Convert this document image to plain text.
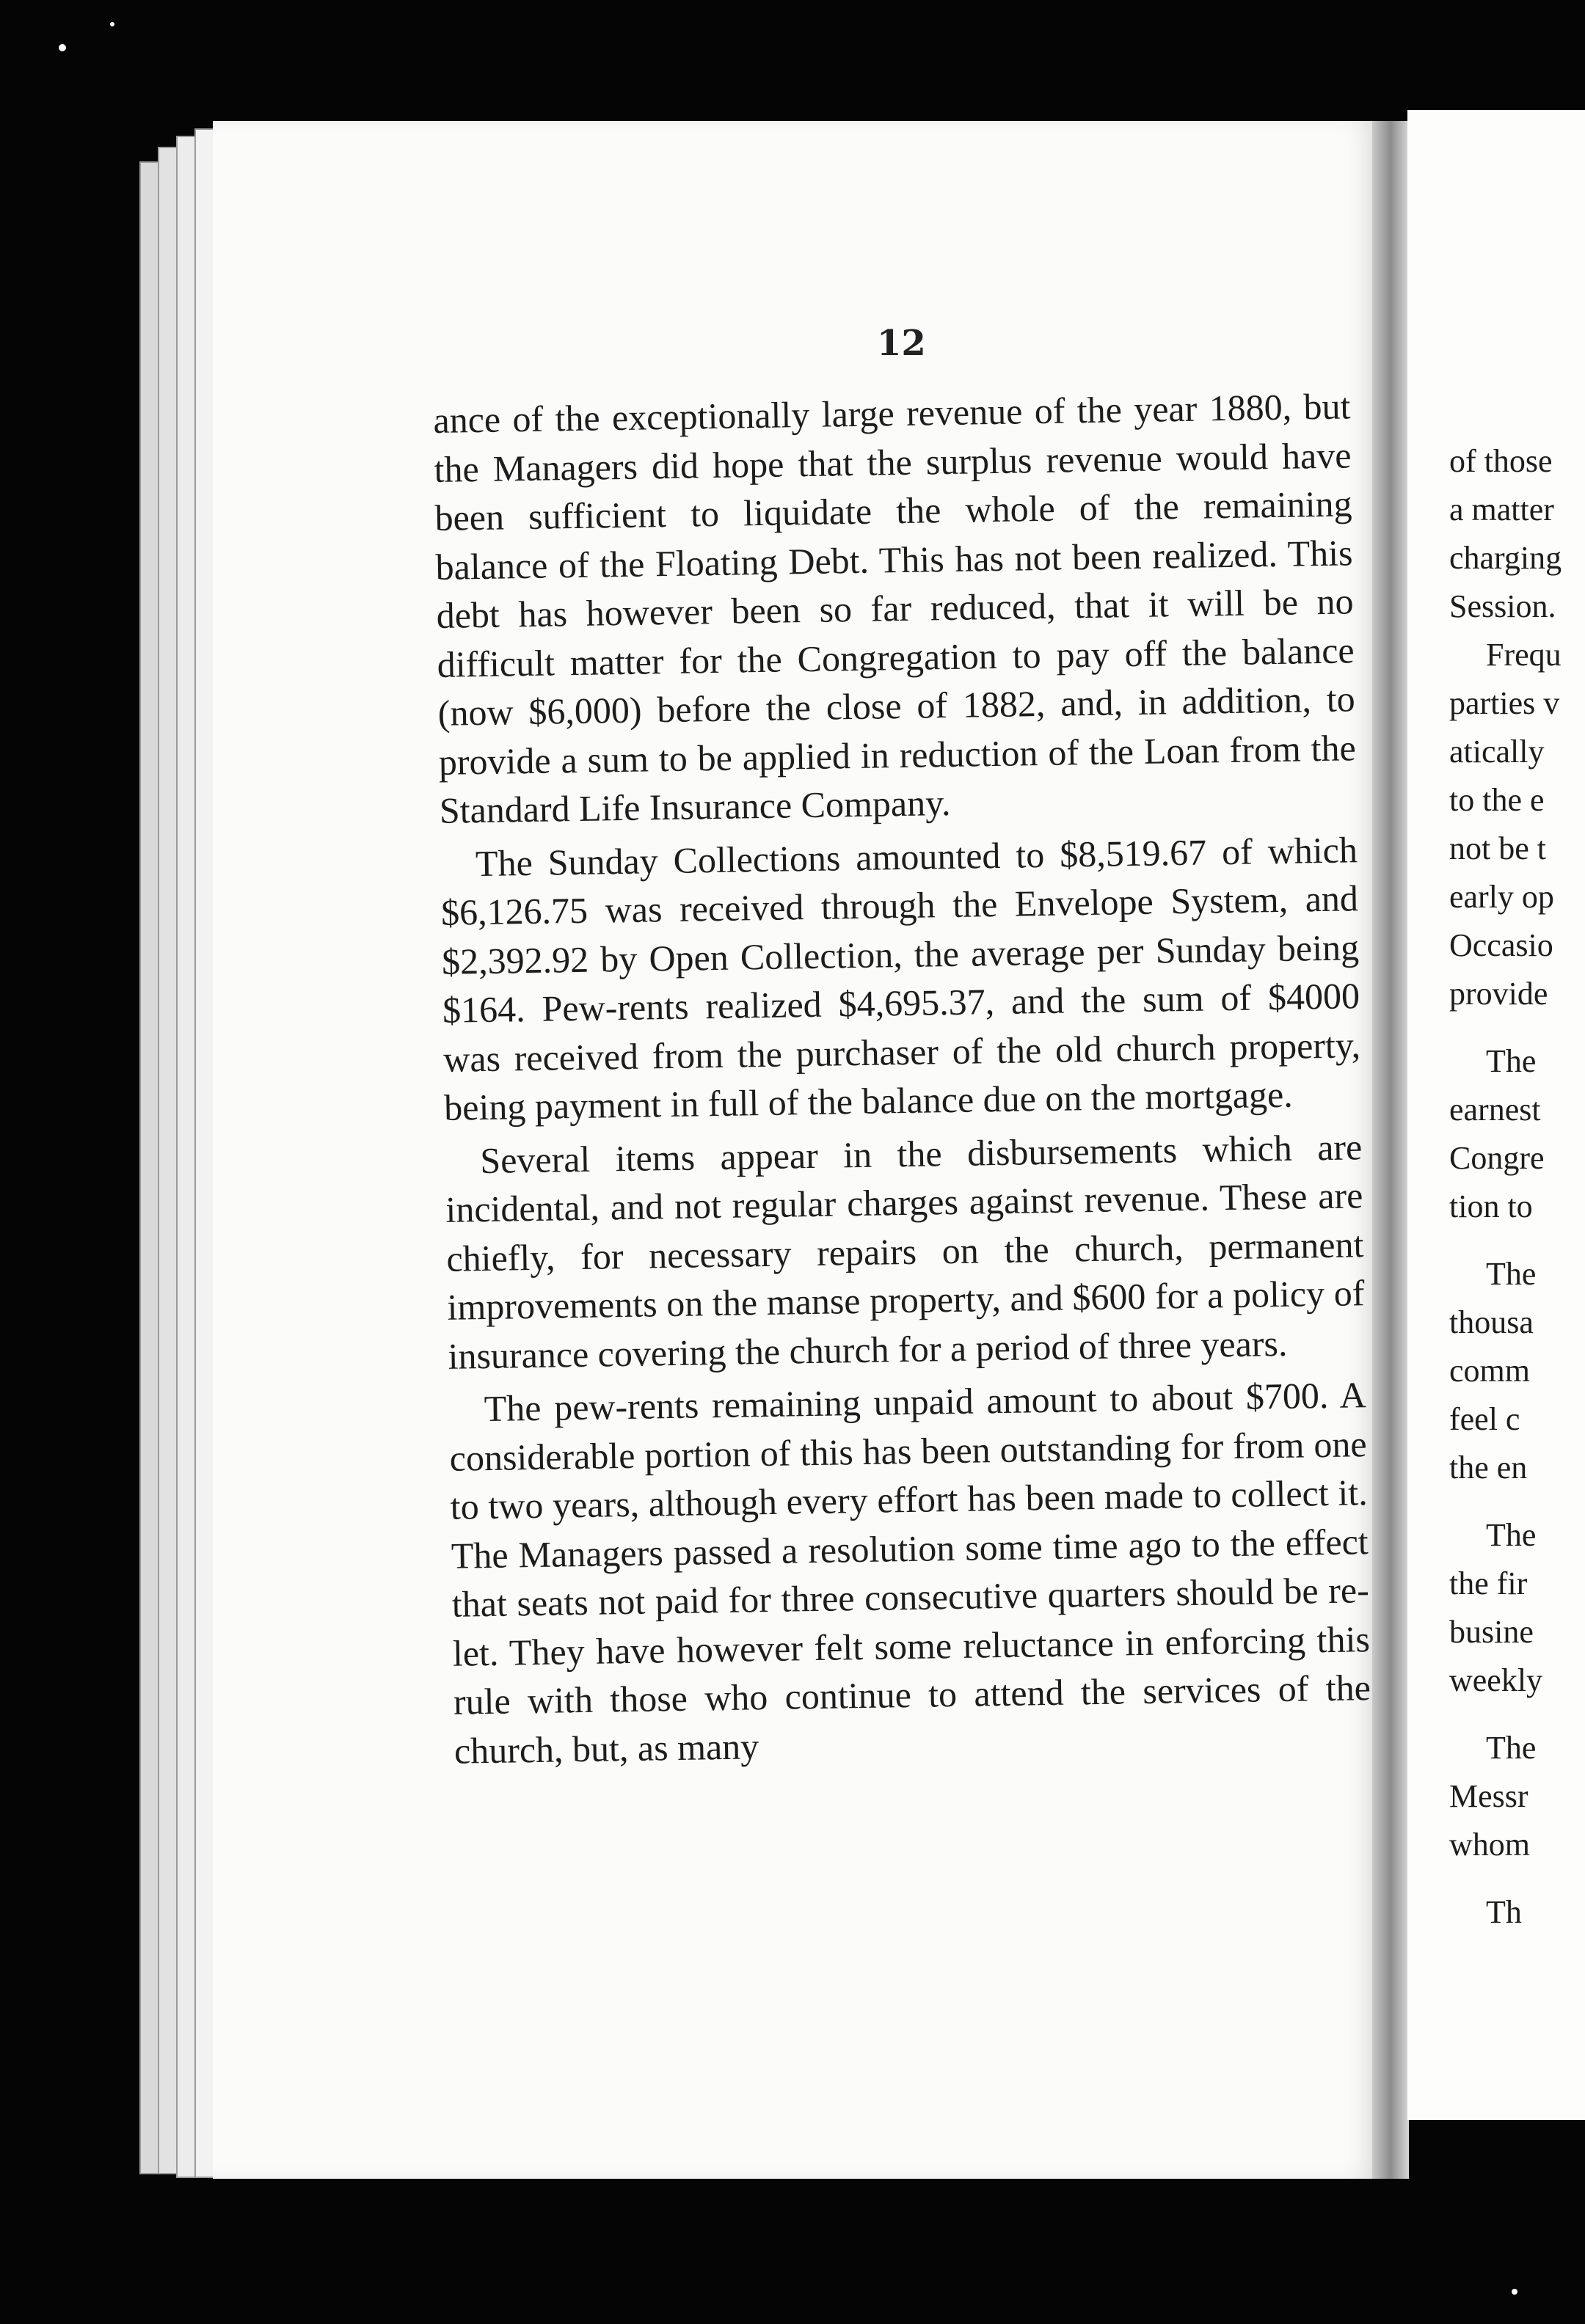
12

ance of the exceptionally large revenue of the year 1880, but the Managers did hope that the surplus revenue would have been sufficient to liquidate the whole of the remaining balance of the Floating Debt. This has not been realized. This debt has however been so far reduced, that it will be no difficult matter for the Congregation to pay off the balance (now $6,000) before the close of 1882, and, in addition, to provide a sum to be applied in reduction of the Loan from the Standard Life Insurance Company.

The Sunday Collections amounted to $8,519.67 of which $6,126.75 was received through the Envelope System, and $2,392.92 by Open Collection, the average per Sunday being $164. Pew-rents realized $4,695.37, and the sum of $4000 was received from the purchaser of the old church property, being payment in full of the balance due on the mortgage.

Several items appear in the disbursements which are incidental, and not regular charges against revenue. These are chiefly, for necessary repairs on the church, permanent improvements on the manse property, and $600 for a policy of insurance covering the church for a period of three years.

The pew-rents remaining unpaid amount to about $700. A considerable portion of this has been outstanding for from one to two years, although every effort has been made to collect it. The Managers passed a resolution some time ago to the effect that seats not paid for three consecutive quarters should be re-let. They have however felt some reluctance in enforcing this rule with those who continue to attend the services of the church, but, as many

of those
a matter
charging
Session.
Frequ
parties v
atically
to the e
not be t
early op
Occasio
provide
The
earnest
Congre
tion to
The
thousa
comm
feel c
the en
The
the fir
busine
weekly
The
Messr
whom
Th
